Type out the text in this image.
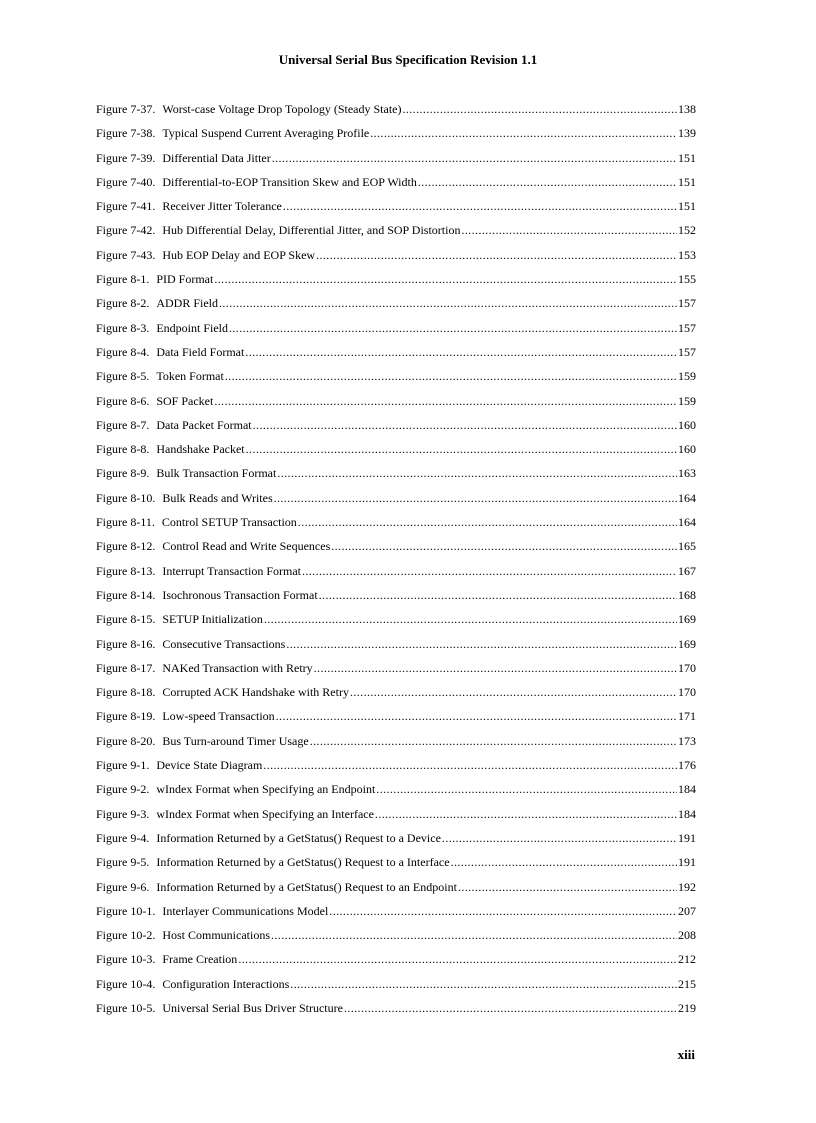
Universal Serial Bus Specification Revision 1.1
Figure 7-37. Worst-case Voltage Drop Topology (Steady State) .....	138
Figure 7-38. Typical Suspend Current Averaging Profile .....	139
Figure 7-39. Differential Data Jitter .....	151
Figure 7-40. Differential-to-EOP Transition Skew and EOP Width .....	151
Figure 7-41. Receiver Jitter Tolerance .....	151
Figure 7-42. Hub Differential Delay, Differential Jitter, and SOP Distortion .....	152
Figure 7-43. Hub EOP Delay and EOP Skew .....	153
Figure 8-1. PID Format .....	155
Figure 8-2. ADDR Field .....	157
Figure 8-3. Endpoint Field .....	157
Figure 8-4. Data Field Format .....	157
Figure 8-5. Token Format .....	159
Figure 8-6. SOF Packet .....	159
Figure 8-7. Data Packet Format .....	160
Figure 8-8. Handshake Packet .....	160
Figure 8-9. Bulk Transaction Format .....	163
Figure 8-10. Bulk Reads and Writes .....	164
Figure 8-11. Control SETUP Transaction .....	164
Figure 8-12. Control Read and Write Sequences .....	165
Figure 8-13. Interrupt Transaction Format .....	167
Figure 8-14. Isochronous Transaction Format .....	168
Figure 8-15. SETUP Initialization .....	169
Figure 8-16. Consecutive Transactions .....	169
Figure 8-17. NAKed Transaction with Retry .....	170
Figure 8-18. Corrupted ACK Handshake with Retry .....	170
Figure 8-19. Low-speed Transaction .....	171
Figure 8-20. Bus Turn-around Timer Usage .....	173
Figure 9-1. Device State Diagram .....	176
Figure 9-2. wIndex Format when Specifying an Endpoint .....	184
Figure 9-3. wIndex Format when Specifying an Interface .....	184
Figure 9-4. Information Returned by a GetStatus() Request to a Device .....	191
Figure 9-5. Information Returned by a GetStatus() Request to a Interface .....	191
Figure 9-6. Information Returned by a GetStatus() Request to an Endpoint .....	192
Figure 10-1. Interlayer Communications Model .....	207
Figure 10-2. Host Communications .....	208
Figure 10-3. Frame Creation .....	212
Figure 10-4. Configuration Interactions .....	215
Figure 10-5. Universal Serial Bus Driver Structure .....	219
xiii
